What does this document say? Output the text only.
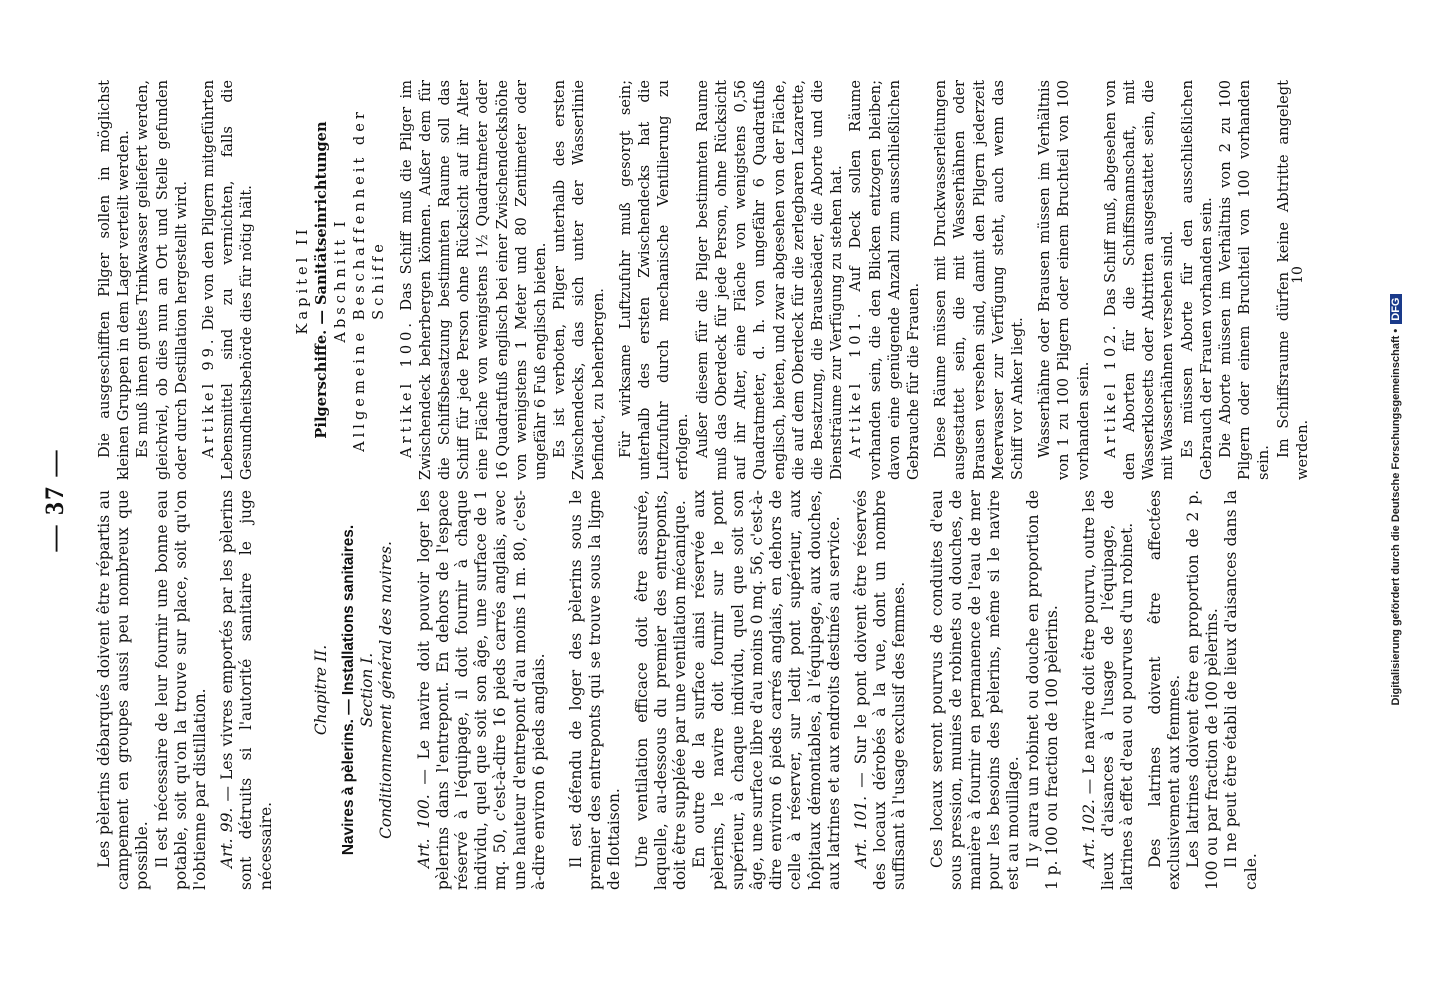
— 37 —	Les pèlerins débarqués doivent être répartis au campement en groupes aussi peu nombreux que possible. Il est nécessaire de leur fournir une bonne eau potable, soit qu'on la trouve sur place, soit qu'on l'obtienne par distillation. Art. 99. — Les vivres emportés par les pèlerins sont détruits si l'autorité sanitaire le juge nécessaire.

Chapitre II. Navires à pèlerins. — Installations sanitaires. Section I. Conditionnement général des navires. Art. 100. — Le navire doit pouvoir loger les pèlerins dans l'entrepont. En dehors de l'espace réservé à l'équipage, il doit fournir à chaque individu, quel que soit son âge, une surface de 1 mq. 50, c'est-à-dire 16 pieds carrés anglais, avec une hauteur d'entrepont d'au moins 1 m. 80, c'est-à-dire environ 6 pieds anglais. Il est défendu de loger des pèlerins sous le premier des entreponts qui se trouve sous la ligne de flottaison. Une ventilation efficace doit être assurée, laquelle, au-dessous du premier des entreponts, doit être suppléée par une ventilation mécanique. En outre de la surface ainsi réservée aux pèlerins, le navire doit fournir sur le pont supérieur, à chaque individu, quel que soit son âge, une surface libre d'au moins 0 mq. 56, c'est-à-dire environ 6 pieds carrés anglais, en dehors de celle à réserver, sur ledit pont supérieur, aux hôpitaux démontables, à l'équipage, aux douches, aux latrines et aux endroits destinés au service. Art. 101. — Sur le pont doivent être réservés des locaux dérobés à la vue, dont un nombre suffisant à l'usage exclusif des femmes. Ces locaux seront pourvus de conduites d'eau sous pression, munies de robinets ou douches, de manière à fournir en permanence de l'eau de mer pour les besoins des pèlerins, même si le navire est au mouillage. Il y aura un robinet ou douche en proportion de 1 p. 100 ou fraction de 100 pèlerins. Art. 102. — Le navire doit être pourvu, outre les lieux d'aisances à l'usage de l'équipage, de latrines à effet d'eau ou pourvues d'un robinet. Des latrines doivent être affectées exclusivement aux femmes. Les latrines doivent être en proportion de 2 p. 100 ou par fraction de 100 pèlerins. Il ne peut être établi de lieux d'aisances dans la cale.

Die ausgeschifften Pilger sollen in möglichst kleinen Gruppen in dem Lager verteilt werden. Es muß ihnen gutes Trinkwasser geliefert werden, gleichviel, ob dies nun an Ort und Stelle gefunden oder durch Destillation hergestellt wird. Artikel 99. Die von den Pilgern mitgeführten Lebensmittel sind zu vernichten, falls die Gesundheitsbehörde dies für nötig hält.	Kapitel II Pilgerschiffe. — Sanitätseinrichtungen Abschnitt I Allgemeine Beschaffenheit der Schiffe

Artikel 100. Das Schiff muß die Pilger im Zwischendeck beherbergen können. Außer dem für die Schiffsbesatzung bestimmten Raume soll das Schiff für jede Person ohne Rücksicht auf ihr Alter eine Fläche von wenigstens 1½ Quadratmeter oder 16 Quadratfuß englisch bei einer Zwischendeckshöhe von wenigstens 1 Meter und 80 Zentimeter oder ungefähr 6 Fuß englisch bieten. Es ist verboten, Pilger unterhalb des ersten Zwischendecks, das sich unter der Wasserlinie befindet, zu beherbergen. Für wirksame Luftzufuhr muß gesorgt sein; unterhalb des ersten Zwischendecks hat die Luftzufuhr durch mechanische Ventilierung zu erfolgen. Außer diesem für die Pilger bestimmten Raume muß das Oberdeck für jede Person, ohne Rücksicht auf ihr Alter, eine Fläche von wenigstens 0,56 Quadratmeter, d. h. von ungefähr 6 Quadratfuß englisch, bieten, und zwar abgesehen von der Fläche, die auf dem Oberdeck für die zerlegbaren Lazarette, die Besatzung, die Brausebäder, die Aborte und die Diensträume zur Verfügung zu stehen hat. Artikel 101. Auf Deck sollen Räume vorhanden sein, die den Blicken entzogen bleiben; davon eine genügende Anzahl zum ausschließlichen Gebrauche für die Frauen. Diese Räume müssen mit Druckwasserleitungen ausgestattet sein, die mit Wasserhähnen oder Brausen versehen sind, damit den Pilgern jederzeit Meerwasser zur Verfügung steht, auch wenn das Schiff vor Anker liegt. Wasserhähne oder Brausen müssen im Verhältnis von 1 zu 100 Pilgern oder einem Bruchteil von 100 vorhanden sein. Artikel 102. Das Schiff muß, abgesehen von den Aborten für die Schiffsmannschaft, mit Wasserklosetts oder Abtritten ausgestattet sein, die mit Wasserhähnen versehen sind. Es müssen Aborte für den ausschließlichen Gebrauch der Frauen vorhanden sein. Die Aborte müssen im Verhältnis von 2 zu 100 Pilgern oder einem Bruchteil von 100 vorhanden sein.

Im Schiffsraume dürfen keine Abtritte angelegt werden.

10
Digitalisierung gefördert durch die Deutsche Forschungsgemeinschaft • DFG
